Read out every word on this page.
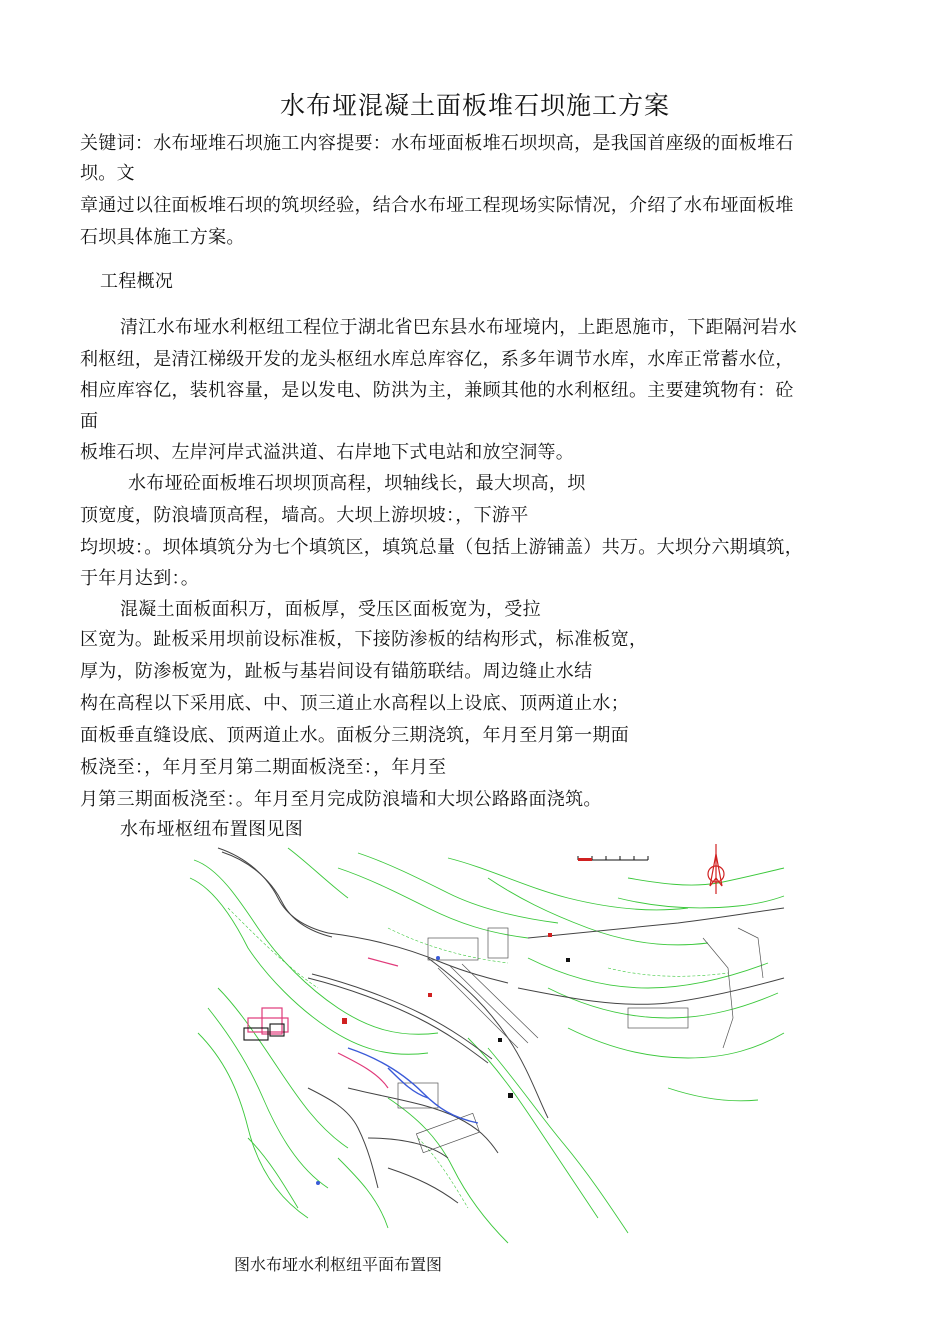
水布垭混凝土面板堆石坝施工方案
关键词：水布垭堆石坝施工内容提要：水布垭面板堆石坝坝高，是我国首座级的面板堆石
坝。文
章通过以往面板堆石坝的筑坝经验，结合水布垭工程现场实际情况，介绍了水布垭面板堆
石坝具体施工方案。
工程概况
清江水布垭水利枢纽工程位于湖北省巴东县水布垭境内，上距恩施市，下距隔河岩水
利枢纽，是清江梯级开发的龙头枢纽水库总库容亿，系多年调节水库，水库正常蓄水位，
相应库容亿，装机容量，是以发电、防洪为主，兼顾其他的水利枢纽。主要建筑物有：砼
面
板堆石坝、左岸河岸式溢洪道、右岸地下式电站和放空洞等。
水布垭砼面板堆石坝坝顶高程，坝轴线长，最大坝高，坝
顶宽度，防浪墙顶高程，墙高。大坝上游坝坡：，下游平
均坝坡：。坝体填筑分为七个填筑区，填筑总量（包括上游铺盖）共万。大坝分六期填筑，
于年月达到：。
混凝土面板面积万，面板厚，受压区面板宽为，受拉
区宽为。趾板采用坝前设标准板，下接防渗板的结构形式，标准板宽，
厚为，防渗板宽为，趾板与基岩间设有锚筋联结。周边缝止水结
构在高程以下采用底、中、顶三道止水高程以上设底、顶两道止水；
面板垂直缝设底、顶两道止水。面板分三期浇筑，年月至月第一期面
板浇至：，年月至月第二期面板浇至：，年月至
月第三期面板浇至：。年月至月完成防浪墙和大坝公路路面浇筑。
水布垭枢纽布置图见图
图水布垭水利枢纽平面布置图
